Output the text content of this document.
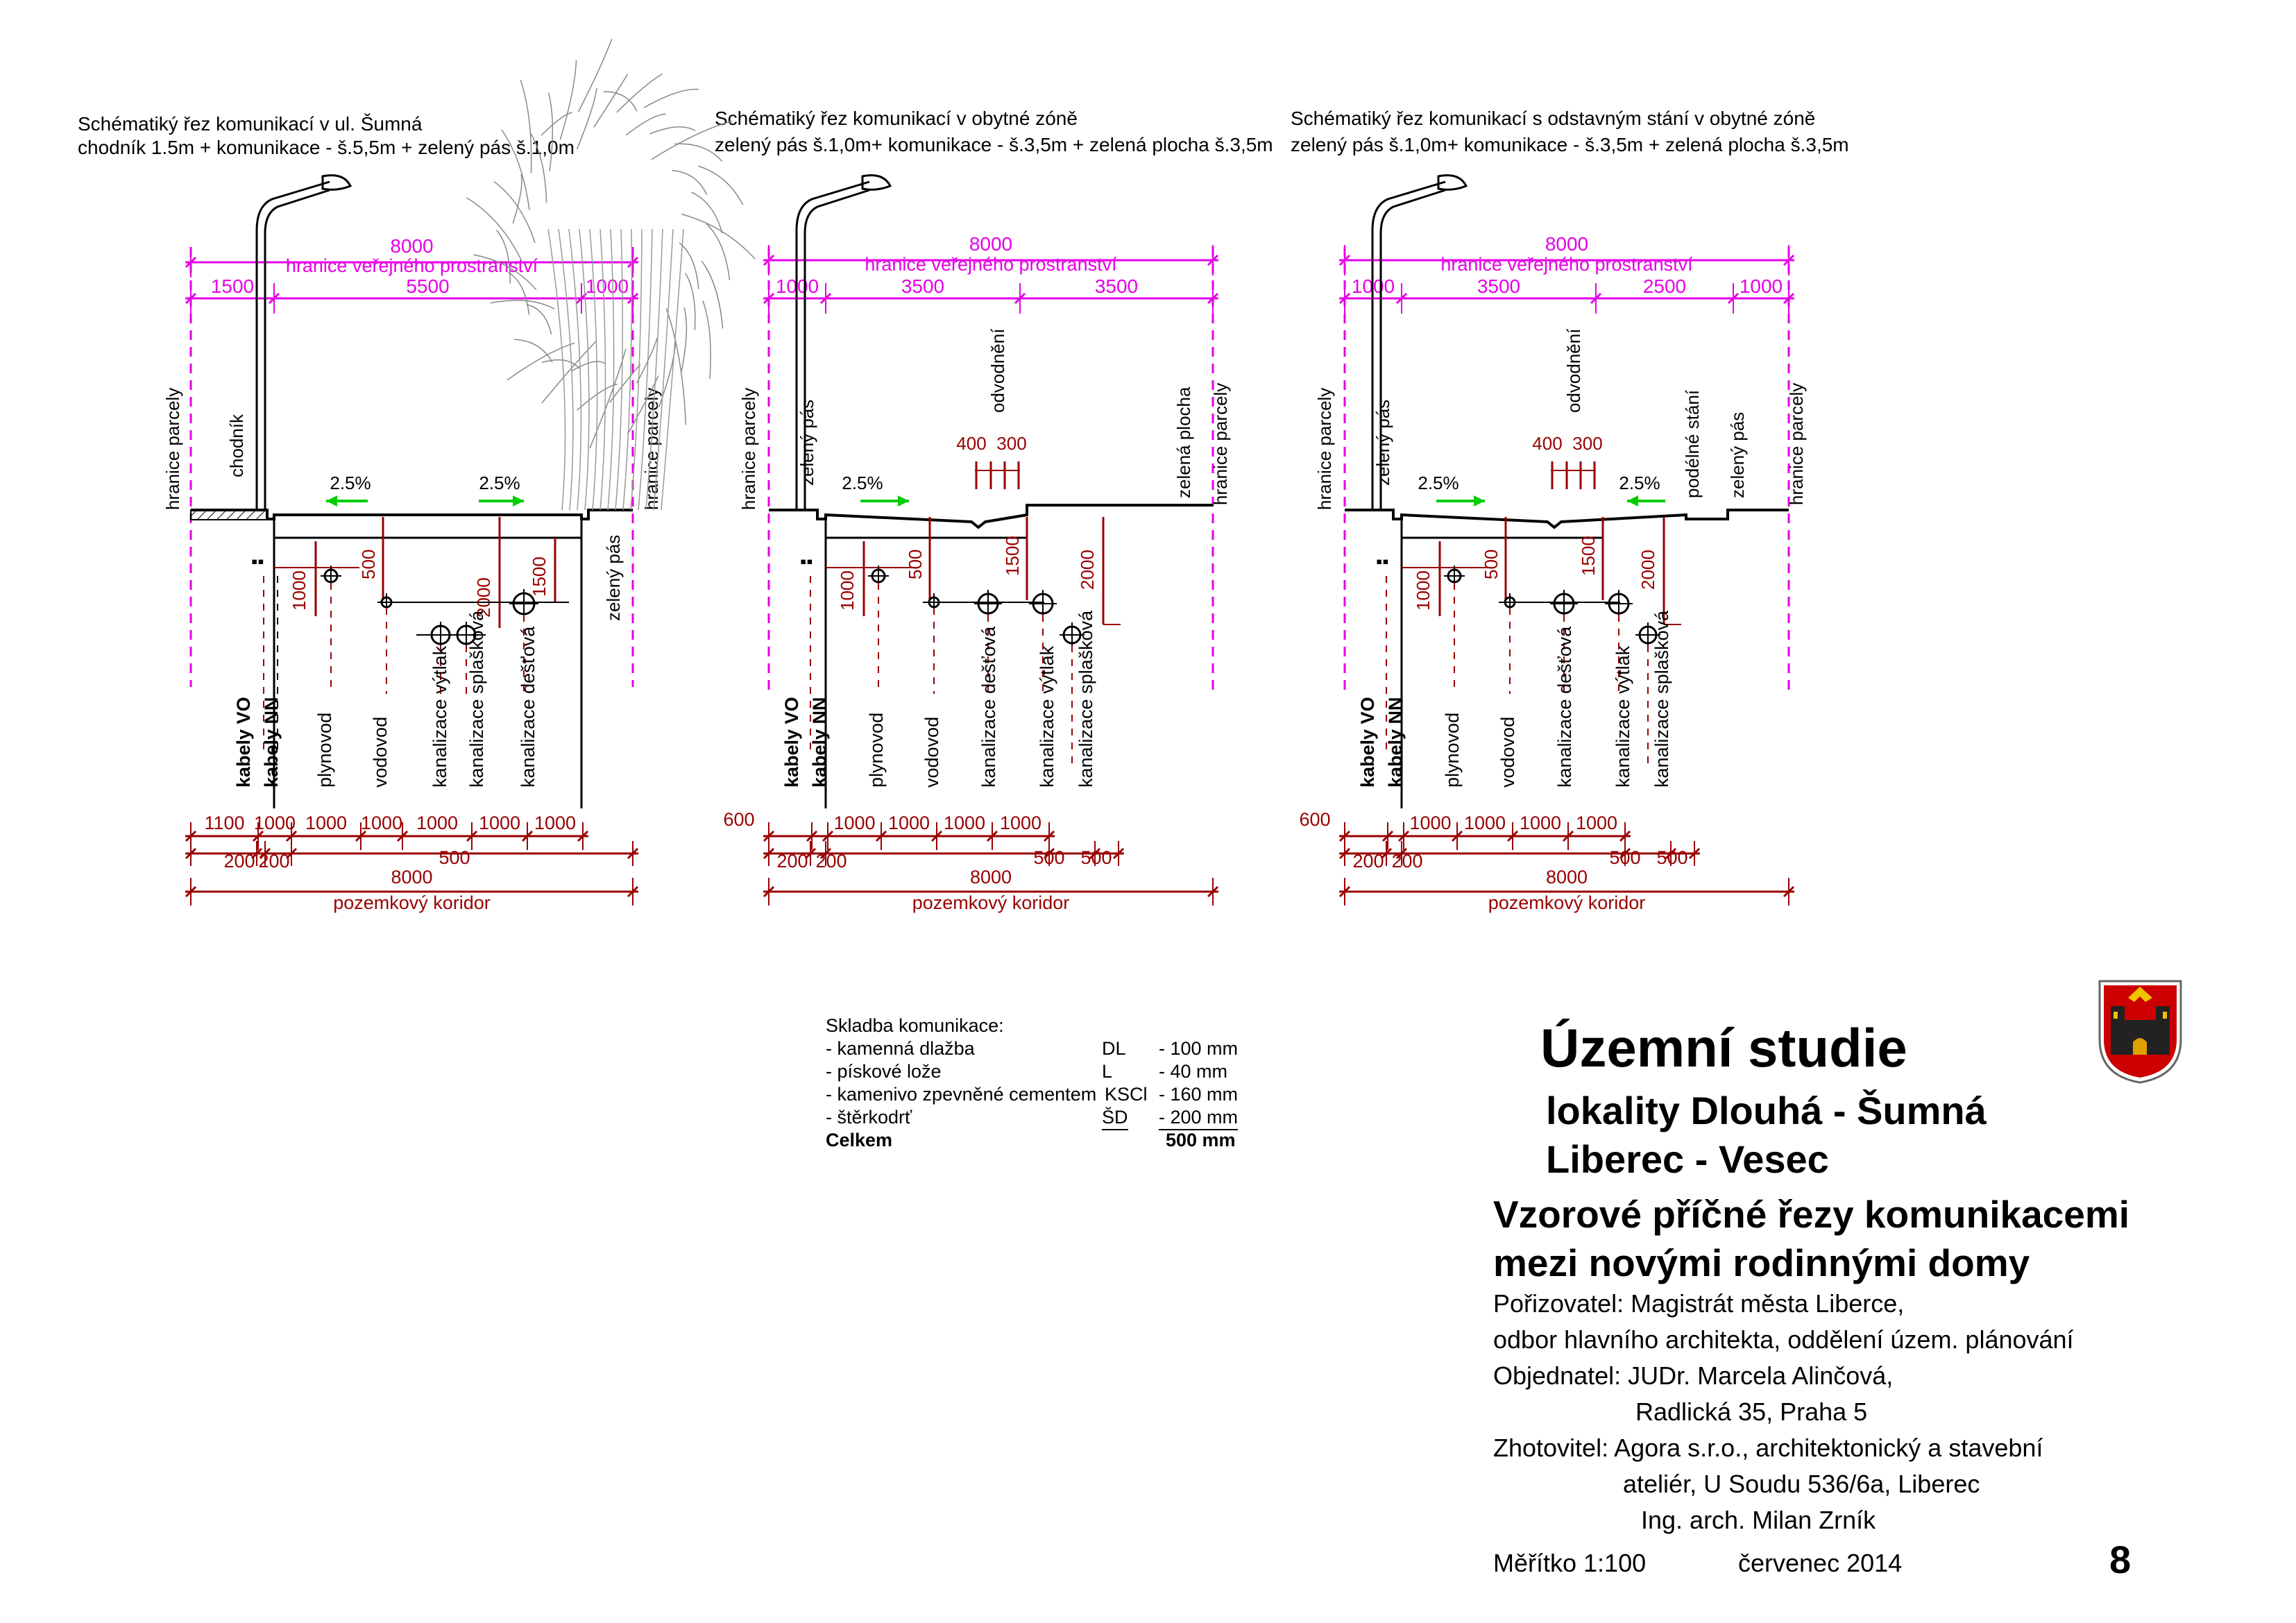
Schématiký řez komunikací v ul. Šumná
chodník 1.5m + komunikace - š.5,5m + zelený pás š.1,0m
8000
hranice veřejného prostranství
1500	5500	1000
hranice parcely chodník	hranice parcely
zelený pás
2.5%	2.5%
1000
500
2000
1500
▪▪
kabely VO kabely NN plynovod vodovod kanalizace výtlak kanalizace splašková kanalizace dešťová
1100	1000 1000 1000 1000 1000
1000
200 200	500
8000
pozemkový koridor
Schématiký řez komunikací v obytné zóně
zelený pás š.1,0m+ komunikace - š.3,5m + zelená plocha š.3,5m
8000
hranice veřejného prostranství
1000	3500	3500
hranice parcely zelený pás
odvodnění
400 300	zelená plocha hranice parcely
2.5%
1000
500	1500	2000
▪▪
kabely VO kabely NN plynovod vodovod kanalizace dešťová kanalizace výtlak kanalizace splašková
600	1000 1000 1000 1000
200 200	500 500
8000
pozemkový koridor
Schématiký řez komunikací s odstavným stání v obytné zóně
zelený pás š.1,0m+ komunikace - š.3,5m + zelená plocha š.3,5m
8000
hranice veřejného prostranství
1000	3500	2500	1000
hranice parcely zelený pás
odvodnění
400 300	podélné stání zelený pás hranice parcely
2.5%	2.5%
1000
500	1500 2000
▪▪
kabely VO kabely NN plynovod vodovod kanalizace dešťová kanalizace výtlak kanalizace splašková
600	1000 1000 1000 1000
200 200	500 500
8000
pozemkový koridor
Skladba komunikace:
- kamenná dlažba	DL - 100 mm
- pískové lože	L - 40 mm
- kamenivo zpevněné cementem KSCl - 160 mm
- štěrkodrť	ŠD - 200 mm
Celkem	500 mm
Územní studie
lokality Dlouhá - Šumná
Liberec - Vesec
Vzorové příčné řezy komunikacemi
mezi novými rodinnými domy
Pořizovatel: Magistrát města Liberce,
odbor hlavního architekta, oddělení územ. plánování
Objednatel: JUDr. Marcela Alinčová,
Radlická 35, Praha 5
Zhotovitel: Agora s.r.o., architektonický a stavební
ateliér, U Soudu 536/6a, Liberec
Ing. arch. Milan Zrník
Měřítko 1:100	červenec 2014	8
